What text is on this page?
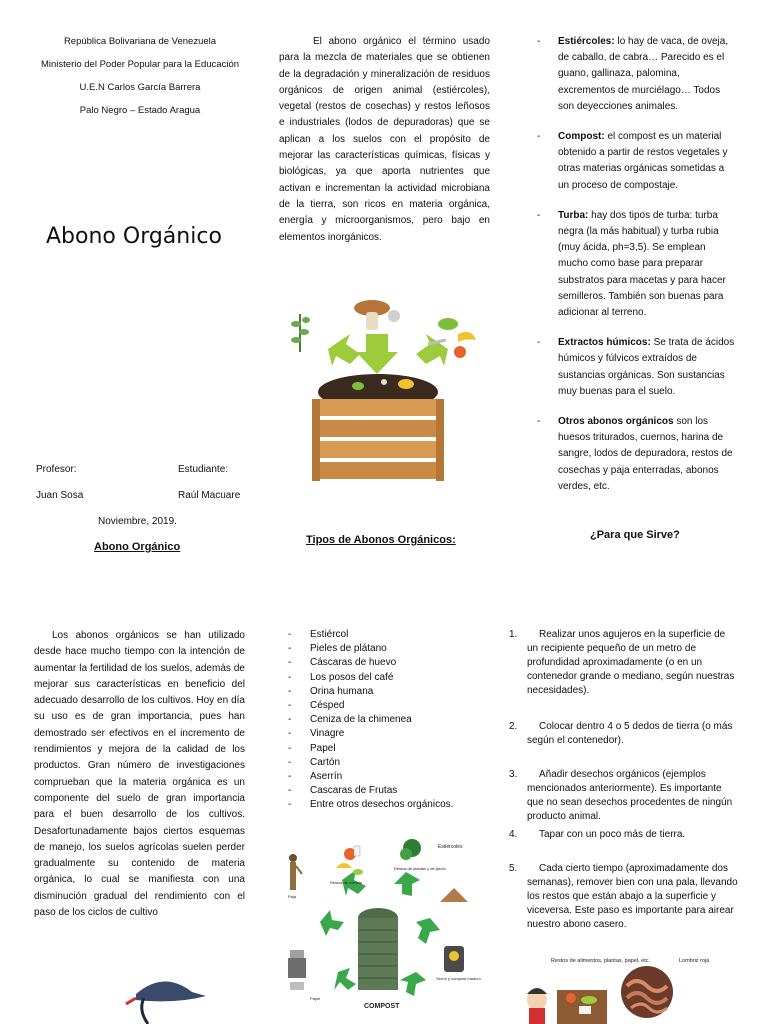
República Bolivariana de Venezuela
Ministerio del Poder Popular para la Educación
U.E.N Carlos García Barrera
Palo Negro – Estado Aragua
Abono Orgánico
Profesor:	Estudiante:
Juan Sosa	Raúl Macuare
Noviembre, 2019.
Abono Orgánico
El abono orgánico el término usado para la mezcla de materiales que se obtienen de la degradación y mineralización de residuos orgánicos de origen animal (estiércoles), vegetal (restos de cosechas) y restos leñosos e industriales (lodos de depuradoras) que se aplican a los suelos con el propósito de mejorar las características químicas, físicas y biológicas, ya que aporta nutrientes que activan e incrementan la actividad microbiana de la tierra, son ricos en materia orgánica, energía y microorganismos, pero bajo en elementos inorgánicos.
Tipos de Abonos Orgánicos:
- Estiércoles: lo hay de vaca, de oveja, de caballo, de cabra… Parecido es el guano, gallinaza, palomina, excrementos de murciélago… Todos son deyecciones animales.
- Compost: el compost es un material obtenido a partir de restos vegetales y otras materias orgánicas sometidas a un proceso de compostaje.
- Turba: hay dos tipos de turba: turba negra (la más habitual) y turba rubia (muy ácida, ph=3,5). Se emplean mucho como base para preparar substratos para macetas y para hacer semilleros. También son buenas para adicionar al terreno.
- Extractos húmicos: Se trata de ácidos húmicos y fúlvicos extraídos de sustancias orgánicas. Son sustancias muy buenas para el suelo.
- Otros abonos orgánicos son los huesos triturados, cuernos, harina de sangre, lodos de depuradora, restos de cosechas y paja enterradas, abonos verdes, etc.
¿Para que Sirve?
Los abonos orgánicos se han utilizado desde hace mucho tiempo con la intención de aumentar la fertilidad de los suelos, además de mejorar sus características en beneficio del adecuado desarrollo de los cultivos. Hoy en día su uso es de gran importancia, pues han demostrado ser efectivos en el incremento de rendimientos y mejora de la calidad de los productos. Gran número de investigaciones comprueban que la materia orgánica es un componente del suelo de gran importancia para el buen desarrollo de los cultivos. Desafortunadamente bajos ciertos esquemas de manejo, los suelos agrícolas suelen perder gradualmente su contenido de materia orgánica, lo cual se manifiesta con una disminución gradual del rendimiento con el paso de los ciclos de cultivo
- Estiércol
- Pieles de plátano
- Cáscaras de huevo
- Los posos del café
- Orina humana
- Césped
- Ceniza de la chimenea
- Vinagre
- Papel
- Cartón
- Aserrín
- Cascaras de Frutas
- Entre otros desechos orgánicos.
COMPOST
Restos de comida
Restos de plantas y de jardín
Estiércoles
Paja
Papel
Serrín y compost maduro
1.	Realizar unos agujeros en la superficie de un recipiente pequeño de un metro de profundidad aproximadamente (o en un contenedor grande o mediano, según nuestras necesidades).
2.	Colocar dentro 4 o 5 dedos de tierra (o más según el contenedor).
3.	Añadir desechos orgánicos (ejemplos mencionados anteriormente). Es importante que no sean desechos procedentes de ningún producto animal.
4.	Tapar con un poco más de tierra.
5.	Cada cierto tiempo (aproximadamente dos semanas), remover bien con una pala, llevando los restos que están abajo a la superficie y viceversa. Este paso es importante para airear nuestro abono casero.
Restos de alimentos, plantas, papel, etc.	Lombriz roja
